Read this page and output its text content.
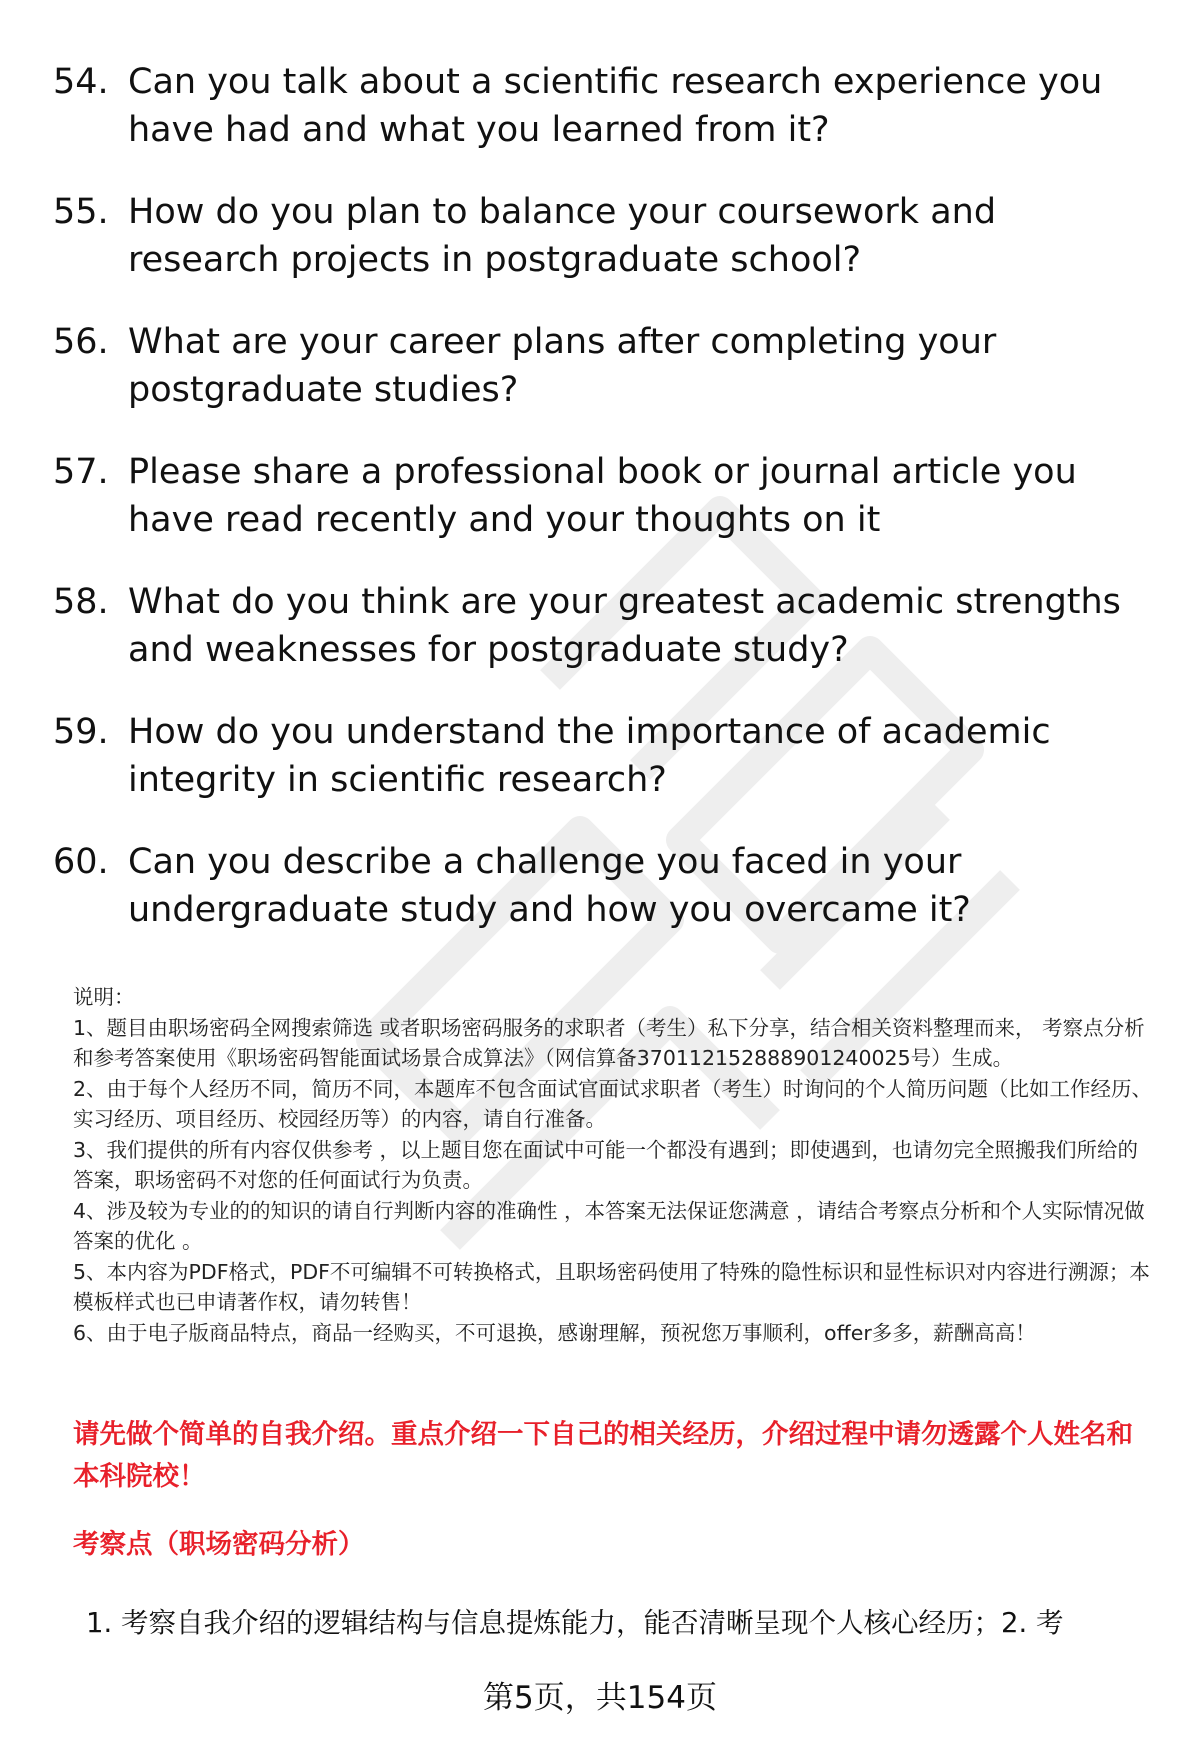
54. Can you talk about a scientific research experience you have had and what you learned from it?
55. How do you plan to balance your coursework and research projects in postgraduate school?
56. What are your career plans after completing your postgraduate studies?
57. Please share a professional book or journal article you have read recently and your thoughts on it
58. What do you think are your greatest academic strengths and weaknesses for postgraduate study?
59. How do you understand the importance of academic integrity in scientific research?
60. Can you describe a challenge you faced in your undergraduate study and how you overcame it?

说明：

1、题目由职场密码全网搜索筛选 或者职场密码服务的求职者（考生）私下分享，结合相关资料整理而来， 考察点分析和参考答案使用《职场密码智能面试场景合成算法》（网信算备370112152888901240025号）生成。

2、由于每个人经历不同，简历不同，本题库不包含面试官面试求职者（考生）时询问的个人简历问题（比如工作经历、实习经历、项目经历、校园经历等）的内容，请自行准备。

3、我们提供的所有内容仅供参考 ，以上题目您在面试中可能一个都没有遇到；即使遇到，也请勿完全照搬我们所给的答案，职场密码不对您的任何面试行为负责。

4、涉及较为专业的的知识的请自行判断内容的准确性 ，本答案无法保证您满意 ，请结合考察点分析和个人实际情况做答案的优化 。

5、本内容为PDF格式，PDF不可编辑不可转换格式，且职场密码使用了特殊的隐性标识和显性标识对内容进行溯源；本模板样式也已申请著作权，请勿转售！

6、由于电子版商品特点，商品一经购买，不可退换，感谢理解，预祝您万事顺利，offer多多，薪酬高高！

请先做个简单的自我介绍。重点介绍一下自己的相关经历，介绍过程中请勿透露个人姓名和本科院校！
考察点（职场密码分析）
1. 考察自我介绍的逻辑结构与信息提炼能力，能否清晰呈现个人核心经历；2. 考
第5页，共154页
